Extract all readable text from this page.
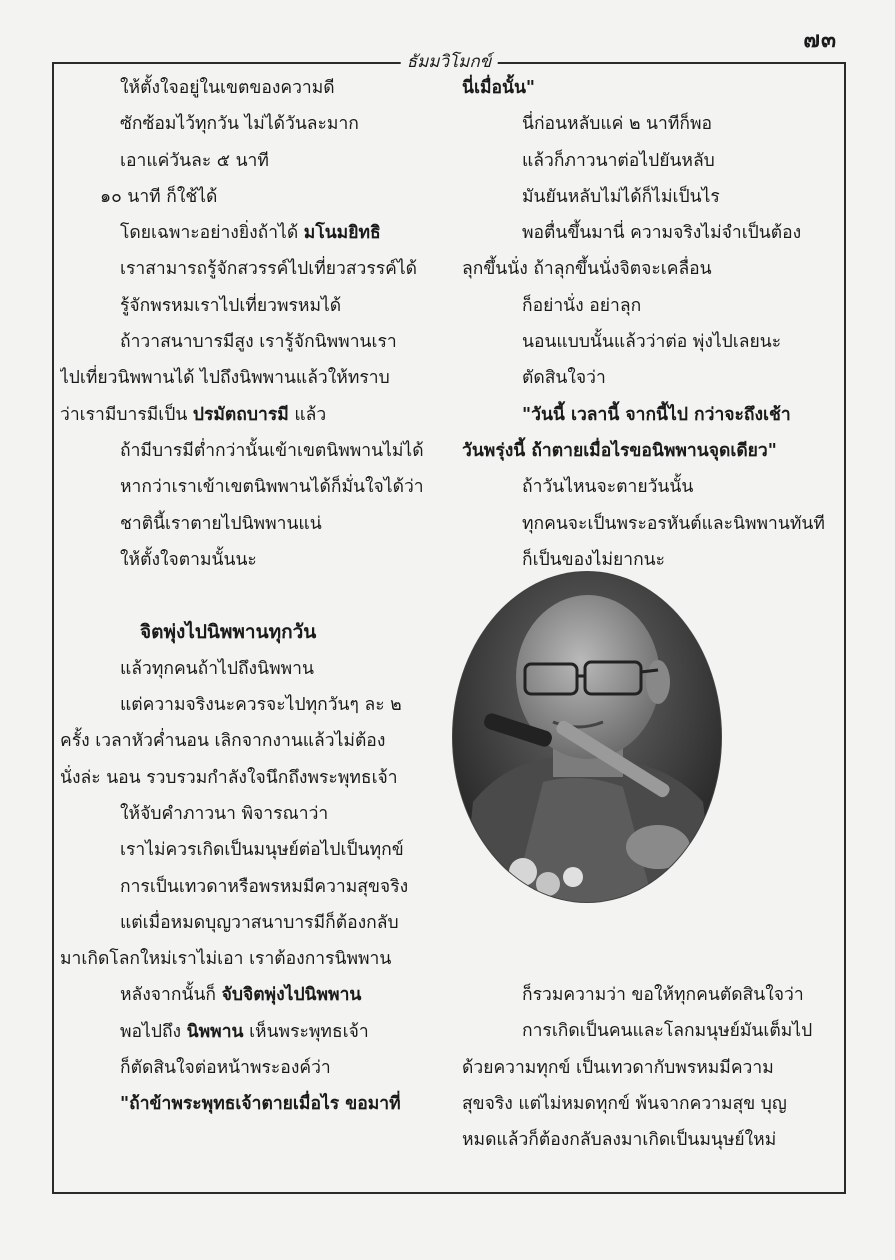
๗๓
ธัมมวิโมกข์
ให้ตั้งใจอยู่ในเขตของความดี
ซักซ้อมไว้ทุกวัน ไม่ได้วันละมาก
เอาแค่วันละ ๕ นาที
๑๐ นาที ก็ใช้ได้
โดยเฉพาะอย่างยิ่งถ้าได้ มโนมยิทธิ
เราสามารถรู้จักสวรรค์ไปเที่ยวสวรรค์ได้
รู้จักพรหมเราไปเที่ยวพรหมได้
ถ้าวาสนาบารมีสูง เรารู้จักนิพพานเรา
ไปเที่ยวนิพพานได้ ไปถึงนิพพานแล้วให้ทราบ
ว่าเรามีบารมีเป็น ปรมัตถบารมี แล้ว
ถ้ามีบารมีต่ำกว่านั้นเข้าเขตนิพพานไม่ได้
หากว่าเราเข้าเขตนิพพานได้ก็มั่นใจได้ว่า
ชาตินี้เราตายไปนิพพานแน่
ให้ตั้งใจตามนั้นนะ
จิตพุ่งไปนิพพานทุกวัน
แล้วทุกคนถ้าไปถึงนิพพาน
แต่ความจริงนะควรจะไปทุกวันๆ ละ ๒
ครั้ง เวลาหัวค่ำนอน เลิกจากงานแล้วไม่ต้อง
นั่งล่ะ นอน รวบรวมกำลังใจนึกถึงพระพุทธเจ้า
ให้จับคำภาวนา พิจารณาว่า
เราไม่ควรเกิดเป็นมนุษย์ต่อไปเป็นทุกข์
การเป็นเทวดาหรือพรหมมีความสุขจริง
แต่เมื่อหมดบุญวาสนาบารมีก็ต้องกลับ
มาเกิดโลกใหม่เราไม่เอา เราต้องการนิพพาน
หลังจากนั้นก็ จับจิตพุ่งไปนิพพาน
พอไปถึง นิพพาน เห็นพระพุทธเจ้า
ก็ตัดสินใจต่อหน้าพระองค์ว่า
"ถ้าข้าพระพุทธเจ้าตายเมื่อไร ขอมาที่
นี่เมื่อนั้น"
นี่ก่อนหลับแค่ ๒ นาทีก็พอ
แล้วก็ภาวนาต่อไปยันหลับ
มันยันหลับไม่ได้ก็ไม่เป็นไร
พอตื่นขึ้นมานี่ ความจริงไม่จำเป็นต้อง
ลุกขึ้นนั่ง ถ้าลุกขึ้นนั่งจิตจะเคลื่อน
ก็อย่านั่ง อย่าลุก
นอนแบบนั้นแล้วว่าต่อ พุ่งไปเลยนะ
ตัดสินใจว่า
"วันนี้ เวลานี้ จากนี้ไป กว่าจะถึงเช้า
วันพรุ่งนี้ ถ้าตายเมื่อไรขอนิพพานจุดเดียว"
ถ้าวันไหนจะตายวันนั้น
ทุกคนจะเป็นพระอรหันต์และนิพพานทันที
ก็เป็นของไม่ยากนะ
ก็รวมความว่า ขอให้ทุกคนตัดสินใจว่า
การเกิดเป็นคนและโลกมนุษย์มันเต็มไป
ด้วยความทุกข์ เป็นเทวดากับพรหมมีความ
สุขจริง แต่ไม่หมดทุกข์ พ้นจากความสุข บุญ
หมดแล้วก็ต้องกลับลงมาเกิดเป็นมนุษย์ใหม่
